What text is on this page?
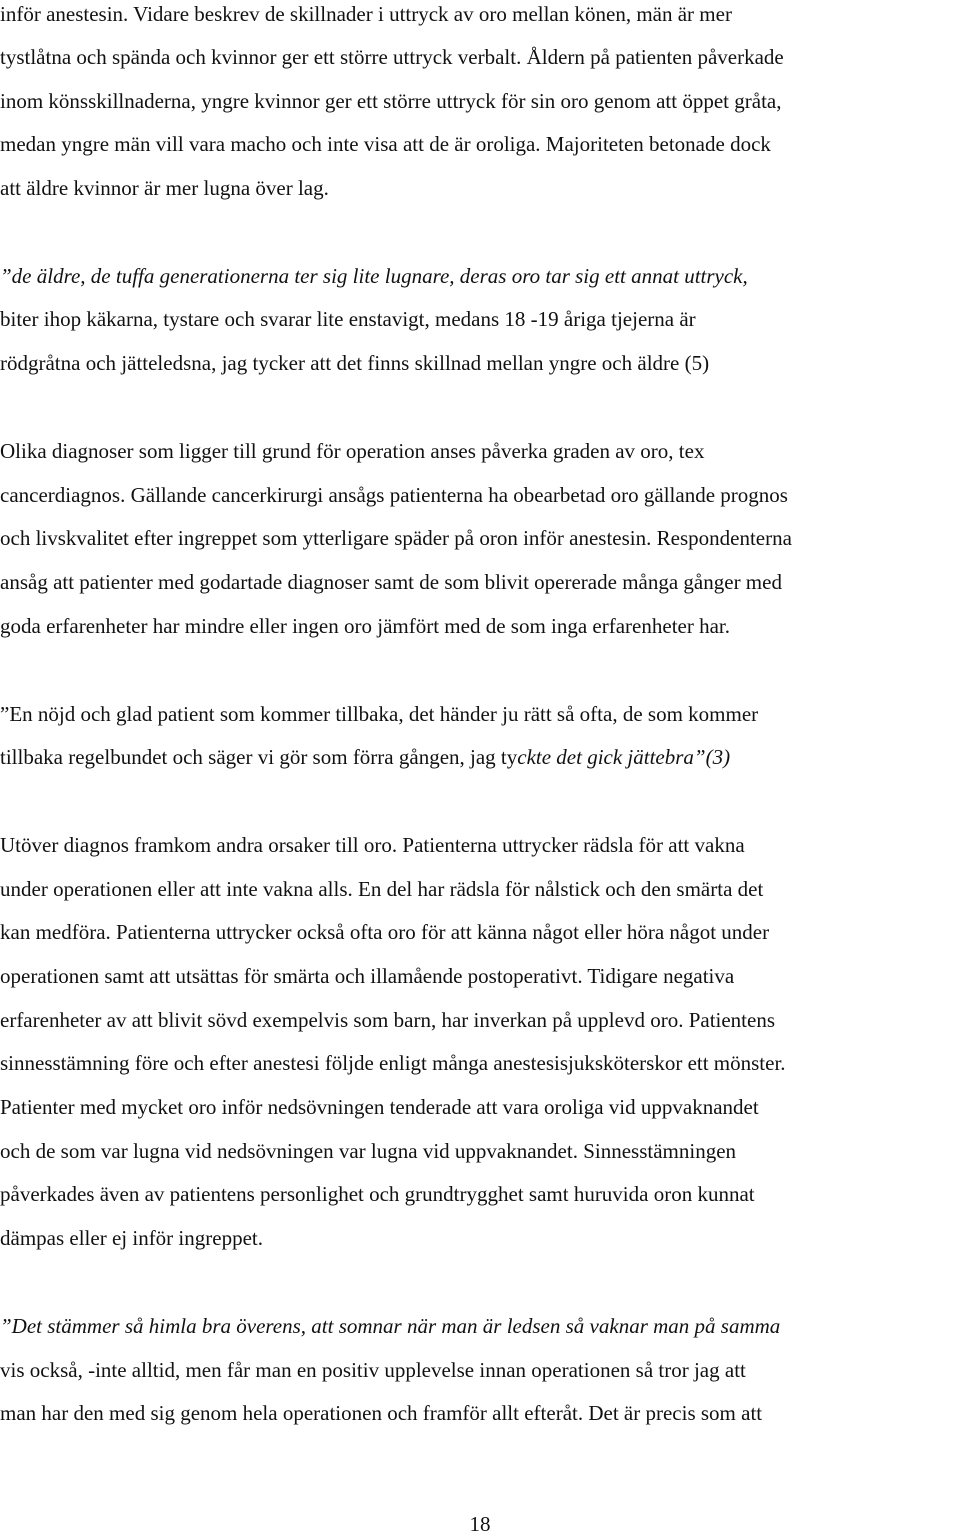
inför anestesin. Vidare beskrev de skillnader i uttryck av oro mellan könen, män är mer
tystlåtna och spända och kvinnor ger ett större uttryck verbalt. Åldern på patienten påverkade
inom könsskillnaderna, yngre kvinnor ger ett större uttryck för sin oro genom att öppet gråta,
medan yngre män vill vara macho och inte visa att de är oroliga. Majoriteten betonade dock
att äldre kvinnor är mer lugna över lag.
”de äldre, de tuffa generationerna ter sig lite lugnare, deras oro tar sig ett annat uttryck,
biter ihop käkarna, tystare och svarar lite enstavigt, medans 18 -19 åriga tjejerna är
rödgråtna och jätteledsna, jag tycker att det finns skillnad mellan yngre och äldre (5)
Olika diagnoser som ligger till grund för operation anses påverka graden av oro, tex
cancerdiagnos. Gällande cancerkirurgi ansågs patienterna ha obearbetad oro gällande prognos
och livskvalitet efter ingreppet som ytterligare späder på oron inför anestesin. Respondenterna
ansåg att patienter med godartade diagnoser samt de som blivit opererade många gånger med
goda erfarenheter har mindre eller ingen oro jämfört med de som inga erfarenheter har.
”En nöjd och glad patient som kommer tillbaka, det händer ju rätt så ofta, de som kommer
tillbaka regelbundet och säger vi gör som förra gången, jag tyckte det gick jättebra”(3)
Utöver diagnos framkom andra orsaker till oro. Patienterna uttrycker rädsla för att vakna
under operationen eller att inte vakna alls. En del har rädsla för nålstick och den smärta det
kan medföra. Patienterna uttrycker också ofta oro för att känna något eller höra något under
operationen samt att utsättas för smärta och illamående postoperativt. Tidigare negativa
erfarenheter av att blivit sövd exempelvis som barn, har inverkan på upplevd oro. Patientens
sinnesstämning före och efter anestesi följde enligt många anestesisjuksköterskor ett mönster.
Patienter med mycket oro inför nedsövningen tenderade att vara oroliga vid uppvaknandet
och de som var lugna vid nedsövningen var lugna vid uppvaknandet. Sinnesstämningen
påverkades även av patientens personlighet och grundtrygghet samt huruvida oron kunnat
dämpas eller ej inför ingreppet.
”Det stämmer så himla bra överens, att somnar när man är ledsen så vaknar man på samma
vis också, -inte alltid, men får man en positiv upplevelse innan operationen så tror jag att
man har den med sig genom hela operationen och framför allt efteråt. Det är precis som att
18
